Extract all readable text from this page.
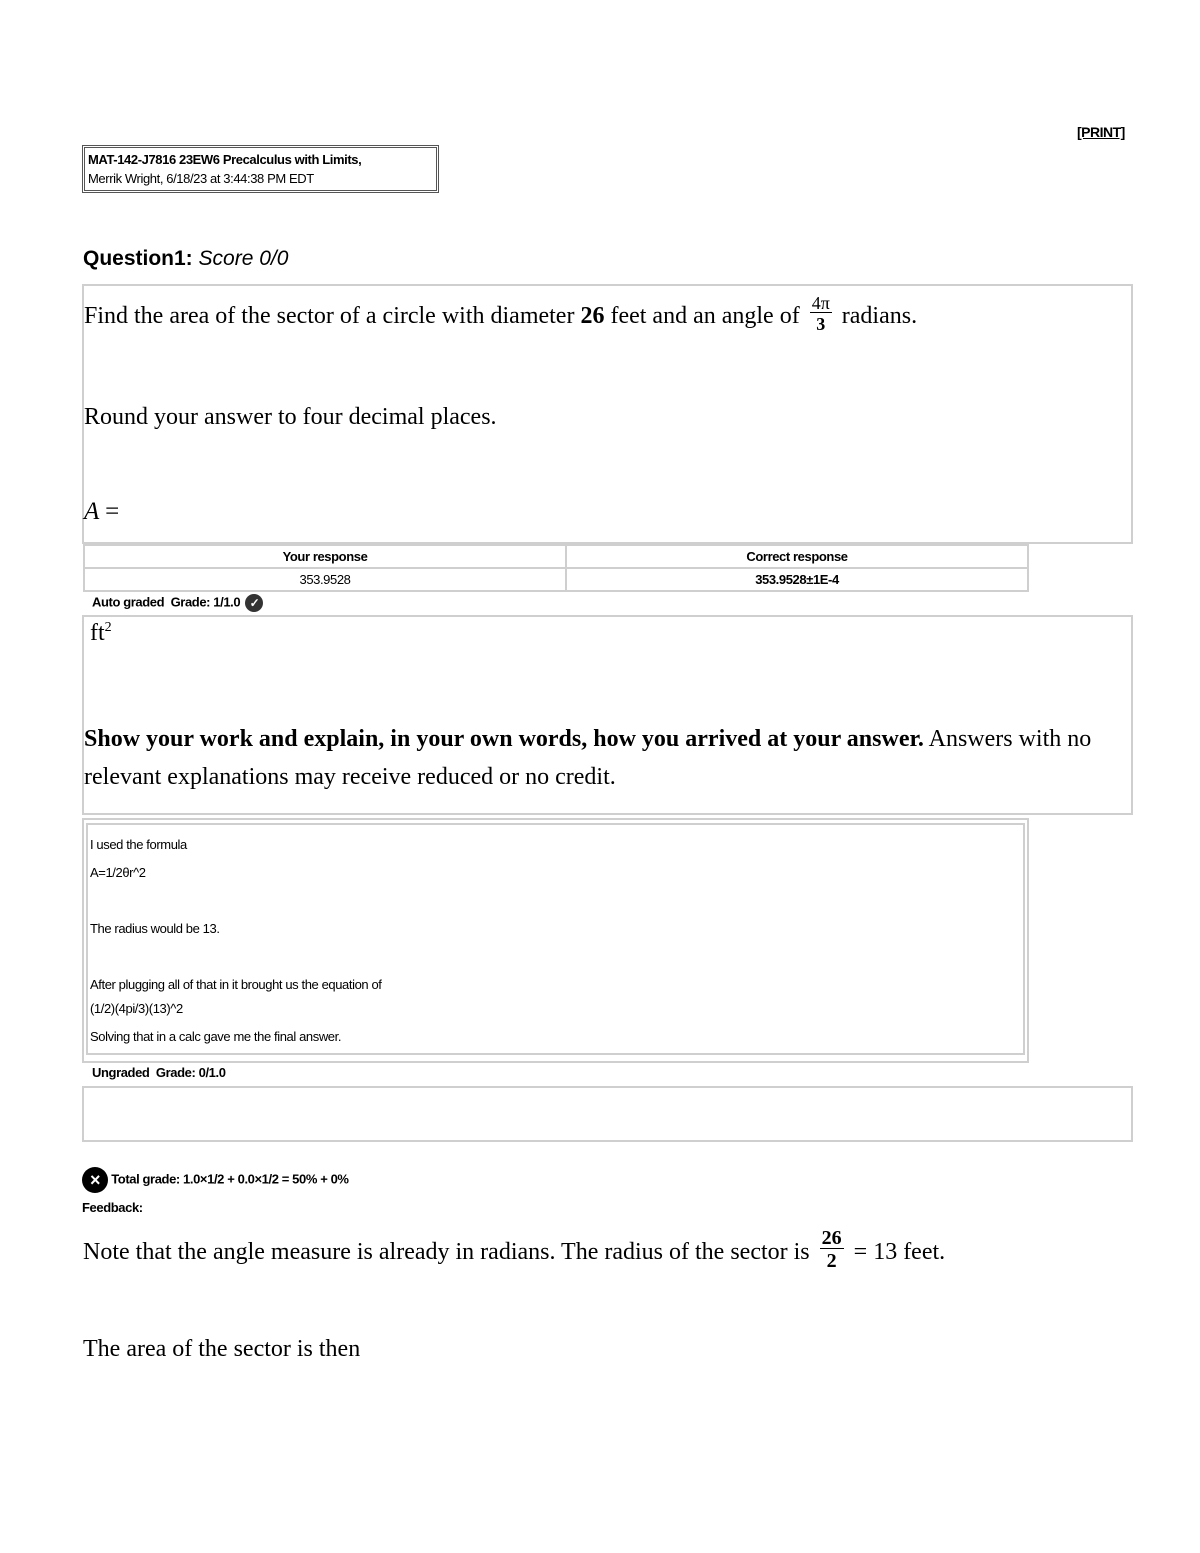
[PRINT]
MAT-142-J7816 23EW6 Precalculus with Limits,
Merrik Wright, 6/18/23 at 3:44:38 PM EDT
Question1: Score 0/0
Find the area of the sector of a circle with diameter 26 feet and an angle of $\frac{4\pi}{3}$ radians.
Round your answer to four decimal places.
A =
Your response	Correct response
353.9528	353.9528±1E-4
Auto graded Grade: 1/1.0 ✓
$ft^2$
Show your work and explain, in your own words, how you arrived at your answer. Answers with no relevant explanations may receive reduced or no credit.
I used the formula
A=1/2θr^2
The radius would be 13.
After plugging all of that in it brought us the equation of
(1/2)(4pi/3)(13)^2
Solving that in a calc gave me the final answer.
Ungraded Grade: 0/1.0
× Total grade: 1.0×1/2 + 0.0×1/2 = 50% + 0%
Feedback:
Note that the angle measure is already in radians. The radius of the sector is $\frac{26}{2} = 13$ feet.
The area of the sector is then
